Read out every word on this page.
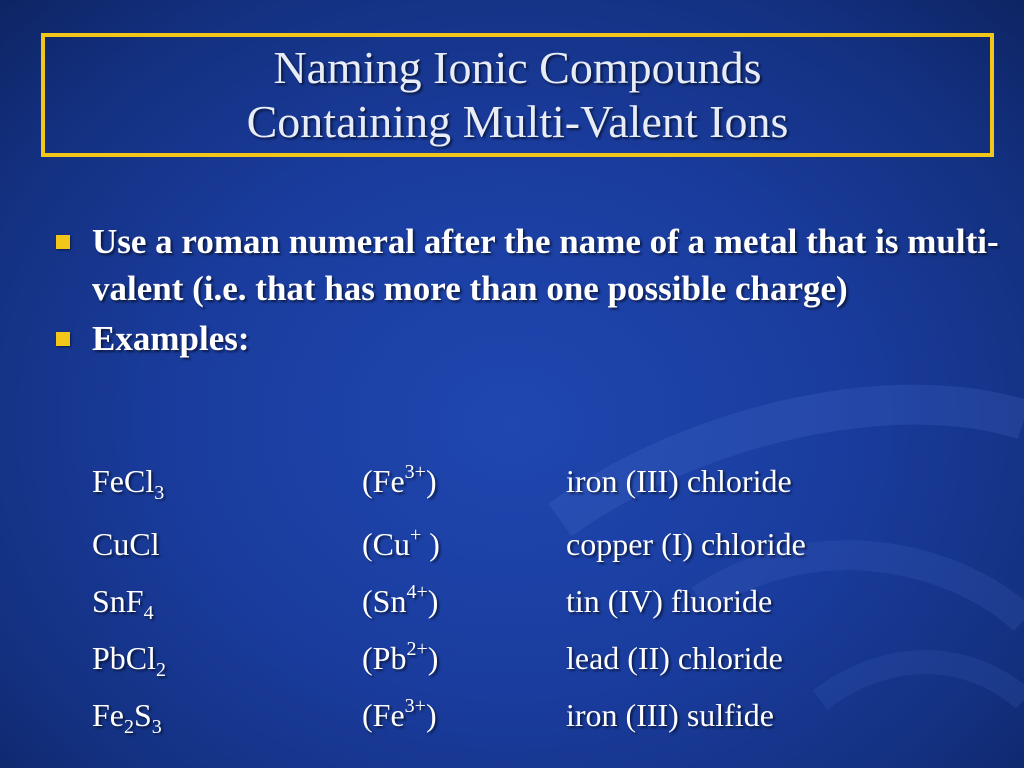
Naming Ionic Compounds
Containing Multi-Valent Ions
Use a roman numeral after the name of a metal that is multi-valent (i.e. that has more than one possible charge)
Examples:
FeCl$_3$	$(Fe^{3+})$	iron (III) chloride
CuCl	(Cu+ )	copper (I) chloride
SnF$_4$	$(Sn^{4+})$	tin (IV) fluoride
PbCl$_2$	$(Pb^{2+})$	lead (II) chloride
$Fe_2S_3$	$(Fe^{3+})$	iron (III) sulfide
